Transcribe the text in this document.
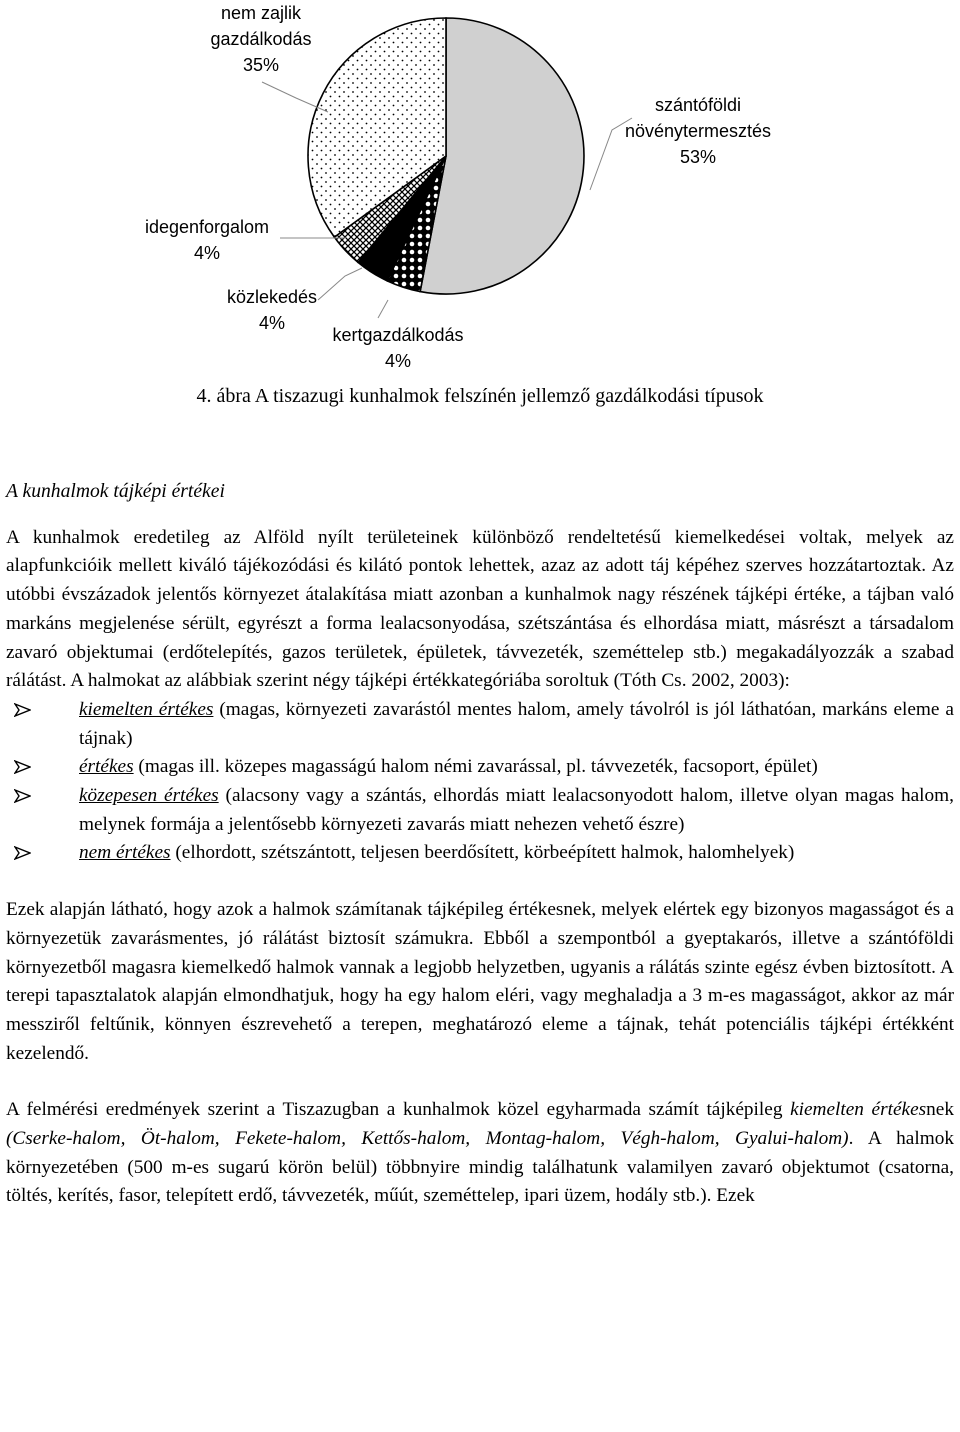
nem zajlik
gazdálkodás
35%
szántóföldi
növénytermesztés
53%
idegenforgalom
4%
közlekedés
4%
kertgazdálkodás
4%
4. ábra A tiszazugi kunhalmok felszínén jellemző gazdálkodási típusok
A kunhalmok tájképi értékei

A kunhalmok eredetileg az Alföld nyílt területeinek különböző rendeltetésű kiemelkedései voltak, melyek az alapfunkcióik mellett kiváló tájékozódási és kilátó pontok lehettek, azaz az adott táj képéhez szerves hozzátartoztak. Az utóbbi évszázadok jelentős környezet átalakítása miatt azonban a kunhalmok nagy részének tájképi értéke, a tájban való markáns megjelenése sérült, egyrészt a forma lealacsonyodása, szétszántása és elhordása miatt, másrészt a társadalom zavaró objektumai (erdőtelepítés, gazos területek, épületek, távvezeték, szeméttelep stb.) megakadályozzák a szabad rálátást. A halmokat az alábbiak szerint négy tájképi értékkategóriába soroltuk (Tóth Cs. 2002, 2003):

kiemelten értékes (magas, környezeti zavarástól mentes halom, amely távolról is jól láthatóan, markáns eleme a tájnak)
értékes (magas ill. közepes magasságú halom némi zavarással, pl. távvezeték, facsoport, épület)
közepesen értékes (alacsony vagy a szántás, elhordás miatt lealacsonyodott halom, illetve olyan magas halom, melynek formája a jelentősebb környezeti zavarás miatt nehezen vehető észre)
nem értékes (elhordott, szétszántott, teljesen beerdősített, körbeépített halmok, halomhelyek)

Ezek alapján látható, hogy azok a halmok számítanak tájképileg értékesnek, melyek elértek egy bizonyos magasságot és a környezetük zavarásmentes, jó rálátást biztosít számukra. Ebből a szempontból a gyeptakarós, illetve a szántóföldi környezetből magasra kiemelkedő halmok vannak a legjobb helyzetben, ugyanis a rálátás szinte egész évben biztosított. A terepi tapasztalatok alapján elmondhatjuk, hogy ha egy halom eléri, vagy meghaladja a 3 m-es magasságot, akkor az már messziről feltűnik, könnyen észrevehető a terepen, meghatározó eleme a tájnak, tehát potenciális tájképi értékként kezelendő.

A felmérési eredmények szerint a Tiszazugban a kunhalmok közel egyharmada számít tájképileg kiemelten értékesnek (Cserke-halom, Öt-halom, Fekete-halom, Kettős-halom, Montag-halom, Végh-halom, Gyalui-halom). A halmok környezetében (500 m-es sugarú körön belül) többnyire mindig találhatunk valamilyen zavaró objektumot (csatorna, töltés, kerítés, fasor, telepített erdő, távvezeték, műút, szeméttelep, ipari üzem, hodály stb.). Ezek
